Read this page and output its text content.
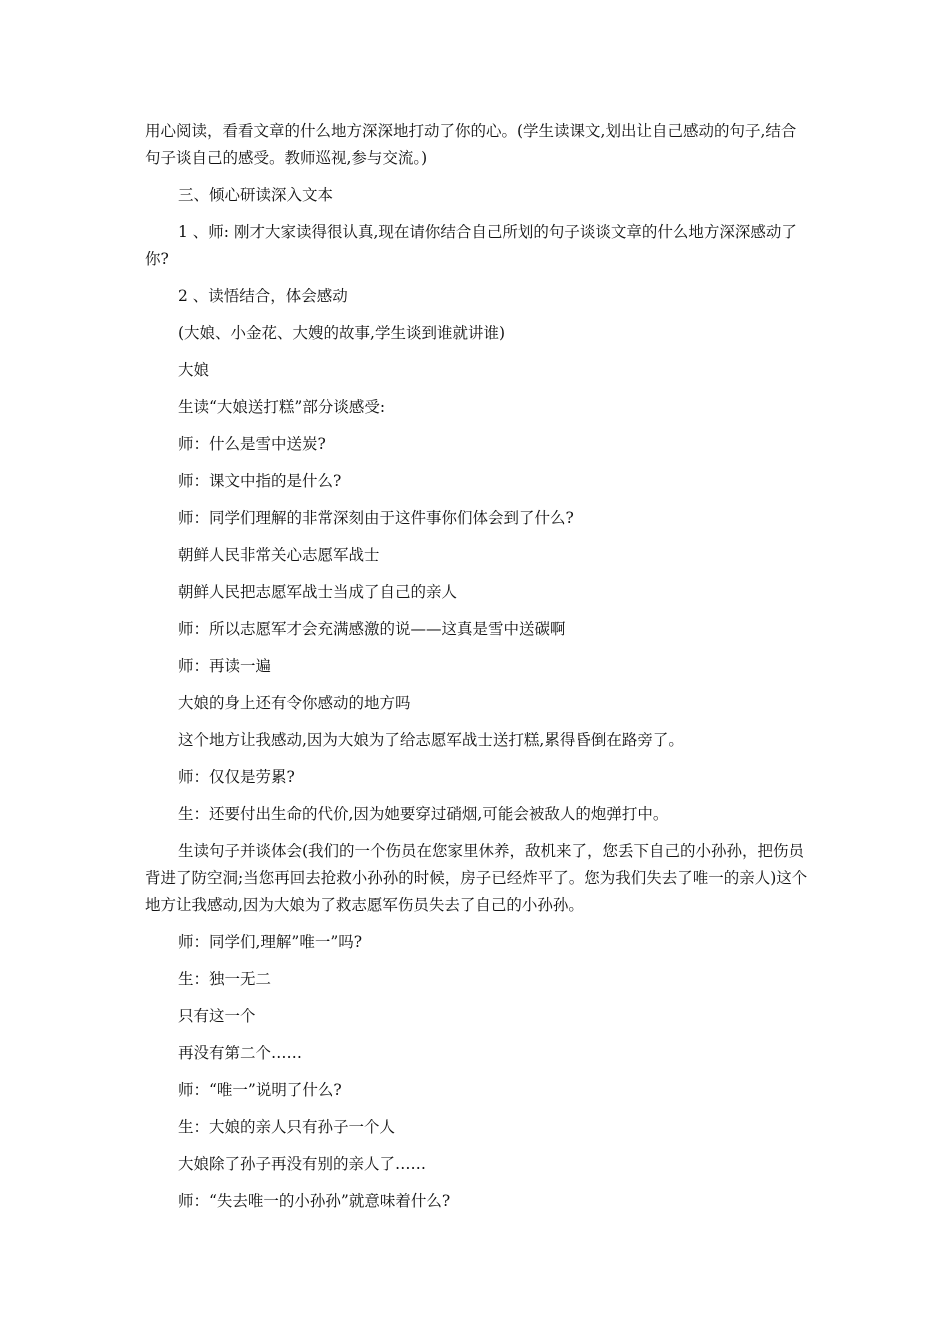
用心阅读，看看文章的什么地方深深地打动了你的心。(学生读课文,划出让自己感动的句子,结合句子谈自己的感受。教师巡视,参与交流。)

三、倾心研读深入文本

1 、师: 刚才大家读得很认真,现在请你结合自己所划的句子谈谈文章的什么地方深深感动了你?

2 、读悟结合，体会感动

(大娘、小金花、大嫂的故事,学生谈到谁就讲谁)

大娘

生读“大娘送打糕”部分谈感受:

师：什么是雪中送炭?

师：课文中指的是什么?

师：同学们理解的非常深刻由于这件事你们体会到了什么?

朝鲜人民非常关心志愿军战士

朝鲜人民把志愿军战士当成了自己的亲人

师：所以志愿军才会充满感激的说——这真是雪中送碳啊

师：再读一遍

大娘的身上还有令你感动的地方吗

这个地方让我感动,因为大娘为了给志愿军战士送打糕,累得昏倒在路旁了。

师：仅仅是劳累?

生：还要付出生命的代价,因为她要穿过硝烟,可能会被敌人的炮弹打中。

生读句子并谈体会(我们的一个伤员在您家里休养，敌机来了，您丢下自己的小孙孙，把伤员背进了防空洞;当您再回去抢救小孙孙的时候，房子已经炸平了。您为我们失去了唯一的亲人)这个地方让我感动,因为大娘为了救志愿军伤员失去了自己的小孙孙。

师：同学们,理解”唯一”吗?

生：独一无二

只有这一个

再没有第二个……

师：“唯一”说明了什么?

生：大娘的亲人只有孙子一个人

大娘除了孙子再没有别的亲人了……

师：“失去唯一的小孙孙”就意味着什么?
